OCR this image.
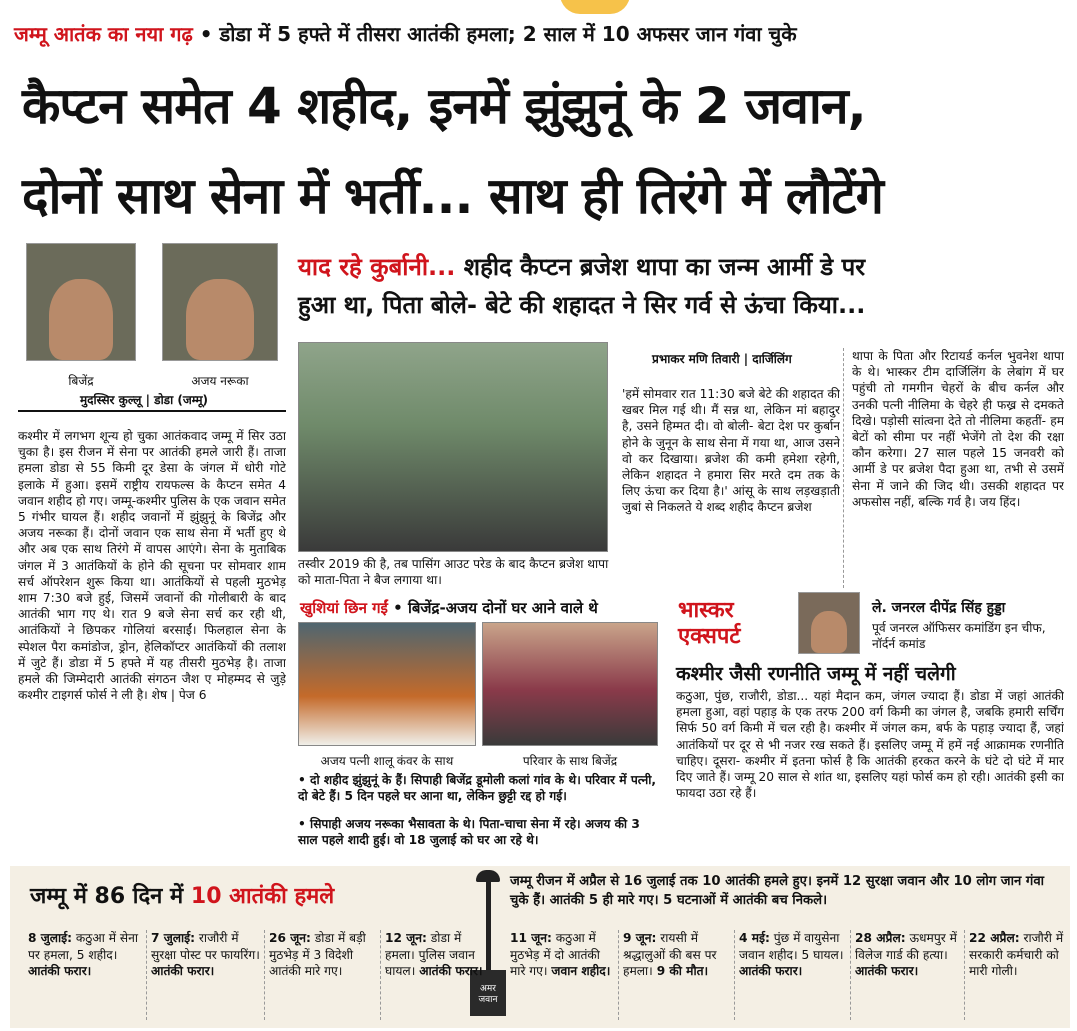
जम्मू आतंक का नया गढ़ • डोडा में 5 हफ्ते में तीसरा आतंकी हमला; 2 साल में 10 अफसर जान गंवा चुके
कैप्टन समेत 4 शहीद, इनमें झुंझुनूं के 2 जवान,
दोनों साथ सेना में भर्ती... साथ ही तिरंगे में लौटेंगे
बिजेंद्र	अजय नरूका
मुदस्सिर कुल्लू | डोडा (जम्मू)
कश्मीर में लगभग शून्य हो चुका आतंकवाद जम्मू में सिर उठा चुका है। इस रीजन में सेना पर आतंकी हमले जारी हैं। ताजा हमला डोडा से 55 किमी दूर डेसा के जंगल में धोरी गोटे इलाके में हुआ। इसमें राष्ट्रीय रायफल्स के कैप्टन समेत 4 जवान शहीद हो गए। जम्मू-कश्मीर पुलिस के एक जवान समेत 5 गंभीर घायल हैं। शहीद जवानों में झुंझुनूं के बिजेंद्र और अजय नरूका हैं। दोनों जवान एक साथ सेना में भर्ती हुए थे और अब एक साथ तिरंगे में वापस आएंगे। सेना के मुताबिक जंगल में 3 आतंकियों के होने की सूचना पर सोमवार शाम सर्च ऑपरेशन शुरू किया था। आतंकियों से पहली मुठभेड़ शाम 7:30 बजे हुई, जिसमें जवानों की गोलीबारी के बाद आतंकी भाग गए थे। रात 9 बजे सेना सर्च कर रही थी, आतंकियों ने छिपकर गोलियां बरसाईं। फिलहाल सेना के स्पेशल पैरा कमांडोज, ड्रोन, हेलिकॉप्टर आतंकियों की तलाश में जुटे हैं। डोडा में 5 हफ्ते में यह तीसरी मुठभेड़ है। ताजा हमले की जिम्मेदारी आतंकी संगठन जैश ए मोहम्मद से जुड़े कश्मीर टाइगर्स फोर्स ने ली है। शेष | पेज 6
याद रहे कुर्बानी... शहीद कैप्टन ब्रजेश थापा का जन्म आर्मी डे पर
हुआ था, पिता बोले- बेटे की शहादत ने सिर गर्व से ऊंचा किया...
तस्वीर 2019 की है, तब पासिंग आउट परेड के बाद कैप्टन ब्रजेश थापा को माता-पिता ने बैज लगाया था।
प्रभाकर मणि तिवारी | दार्जिलिंग
'हमें सोमवार रात 11:30 बजे बेटे की शहादत की खबर मिल गई थी। मैं सन्न था, लेकिन मां बहादुर है, उसने हिम्मत दी। वो बोली- बेटा देश पर कुर्बान होने के जुनून के साथ सेना में गया था, आज उसने वो कर दिखाया। ब्रजेश की कमी हमेशा रहेगी, लेकिन शहादत ने हमारा सिर मरते दम तक के लिए ऊंचा कर दिया है।' आंसू के साथ लड़खड़ाती जुबां से निकलते ये शब्द शहीद कैप्टन ब्रजेश
थापा के पिता और रिटायर्ड कर्नल भुवनेश थापा के थे। भास्कर टीम दार्जिलिंग के लेबांग में घर पहुंची तो गमगीन चेहरों के बीच कर्नल और उनकी पत्नी नीलिमा के चेहरे ही फख्र से दमकते दिखे। पड़ोसी सांत्वना देते तो नीलिमा कहतीं- हम बेटों को सीमा पर नहीं भेजेंगे तो देश की रक्षा कौन करेगा। 27 साल पहले 15 जनवरी को आर्मी डे पर ब्रजेश पैदा हुआ था, तभी से उसमें सेना में जाने की जिद थी। उसकी शहादत पर अफसोस नहीं, बल्कि गर्व है। जय हिंद।
खुशियां छिन गईं • बिजेंद्र-अजय दोनों घर आने वाले थे
अजय पत्नी शालू कंवर के साथ	परिवार के साथ बिजेंद्र
• दो शहीद झुंझुनूं के हैं। सिपाही बिजेंद्र डूमोली कलां गांव के थे। परिवार में पत्नी, दो बेटे हैं। 5 दिन पहले घर आना था, लेकिन छुट्टी रद्द हो गई।
• सिपाही अजय नरूका भैसावता के थे। पिता-चाचा सेना में रहे। अजय की 3 साल पहले शादी हुई। वो 18 जुलाई को घर आ रहे थे।
भास्कर
एक्सपर्ट
ले. जनरल दीपेंद्र सिंह हुड्डा
पूर्व जनरल ऑफिसर कमांडिंग इन चीफ, नॉर्दर्न कमांड
कश्मीर जैसी रणनीति जम्मू में नहीं चलेगी
कठुआ, पुंछ, राजौरी, डोडा... यहां मैदान कम, जंगल ज्यादा हैं। डोडा में जहां आतंकी हमला हुआ, वहां पहाड़ के एक तरफ 200 वर्ग किमी का जंगल है, जबकि हमारी सर्चिंग सिर्फ 50 वर्ग किमी में चल रही है। कश्मीर में जंगल कम, बर्फ के पहाड़ ज्यादा हैं, जहां आतंकियों पर दूर से भी नजर रख सकते हैं। इसलिए जम्मू में हमें नई आक्रामक रणनीति चाहिए। दूसरा- कश्मीर में इतना फोर्स है कि आतंकी हरकत करने के घंटे दो घंटे में मार दिए जाते हैं। जम्मू 20 साल से शांत था, इसलिए यहां फोर्स कम हो रही। आतंकी इसी का फायदा उठा रहे हैं।
जम्मू में 86 दिन में 10 आतंकी हमले
जम्मू रीजन में अप्रैल से 16 जुलाई तक 10 आतंकी हमले हुए। इनमें 12 सुरक्षा जवान और 10 लोग जान गंवा चुके हैं। आतंकी 5 ही मारे गए। 5 घटनाओं में आतंकी बच निकले।
अमर जवान
8 जुलाई: कठुआ में सेना पर हमला, 5 शहीद। आतंकी फरार।
7 जुलाई: राजौरी में सुरक्षा पोस्ट पर फायरिंग। आतंकी फरार।
26 जून: डोडा में बड़ी मुठभेड़ में 3 विदेशी आतंकी मारे गए।
12 जून: डोडा में हमला। पुलिस जवान घायल। आतंकी फरार।
11 जून: कठुआ में मुठभेड़ में दो आतंकी मारे गए। जवान शहीद।
9 जून: रायसी में श्रद्धालुओं की बस पर हमला। 9 की मौत।
4 मई: पुंछ में वायुसेना जवान शहीद। 5 घायल। आतंकी फरार।
28 अप्रैल: ऊधमपुर में विलेज गार्ड की हत्या। आतंकी फरार।
22 अप्रैल: राजौरी में सरकारी कर्मचारी को मारी गोली।
